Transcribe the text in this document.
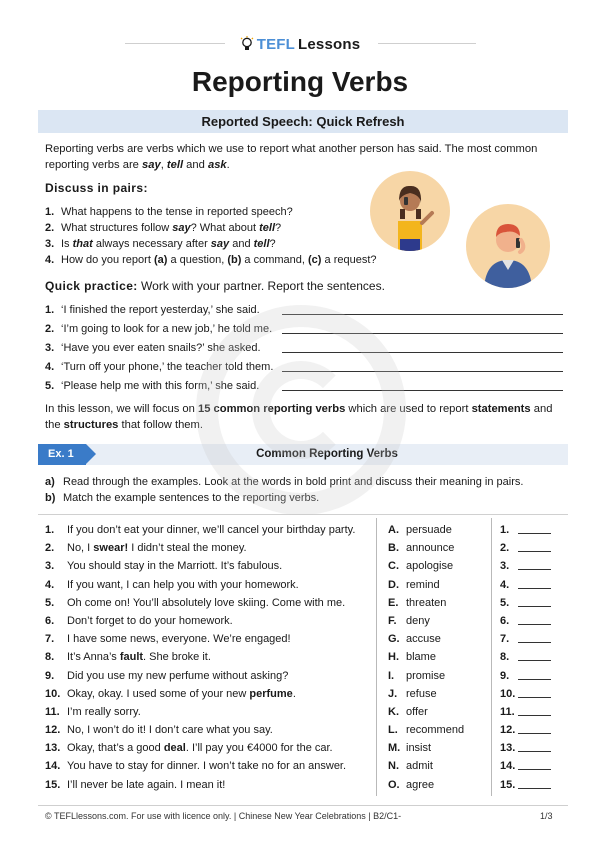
TEFL Lessons
Reporting Verbs
Reported Speech: Quick Refresh
Reporting verbs are verbs which we use to report what another person has said. The most common reporting verbs are say, tell and ask.
Discuss in pairs:
1. What happens to the tense in reported speech?
2. What structures follow say? What about tell?
3. Is that always necessary after say and tell?
4. How do you report (a) a question, (b) a command, (c) a request?
Quick practice: Work with your partner. Report the sentences.
1. ‘I finished the report yesterday,’ she said.
2. ‘I’m going to look for a new job,’ he told me.
3. ‘Have you ever eaten snails?’ she asked.
4. ‘Turn off your phone,’ the teacher told them.
5. ‘Please help me with this form,’ she said.
In this lesson, we will focus on 15 common reporting verbs which are used to report statements and the structures that follow them.
Ex. 1	Common Reporting Verbs
a) Read through the examples. Look at the words in bold print and discuss their meaning in pairs.
b) Match the example sentences to the reporting verbs.
1. If you don’t eat your dinner, we’ll cancel your birthday party.
2. No, I swear! I didn’t steal the money.
3. You should stay in the Marriott. It’s fabulous.
4. If you want, I can help you with your homework.
5. Oh come on! You’ll absolutely love skiing. Come with me.
6. Don’t forget to do your homework.
7. I have some news, everyone. We’re engaged!
8. It’s Anna’s fault. She broke it.
9. Did you use my new perfume without asking?
10. Okay, okay. I used some of your new perfume.
11. I’m really sorry.
12. No, I won’t do it! I don’t care what you say.
13. Okay, that’s a good deal. I’ll pay you €4000 for the car.
14. You have to stay for dinner. I won’t take no for an answer.
15. I’ll never be late again. I mean it!
A. persuade
B. announce
C. apologise
D. remind
E. threaten
F. deny
G. accuse
H. blame
I. promise
J. refuse
K. offer
L. recommend
M. insist
N. admit
O. agree
1.
2.
3.
4.
5.
6.
7.
8.
9.
10.
11.
12.
13.
14.
15.
© TEFLlessons.com. For use with licence only. | Chinese New Year Celebrations | B2/C1-	1/3
